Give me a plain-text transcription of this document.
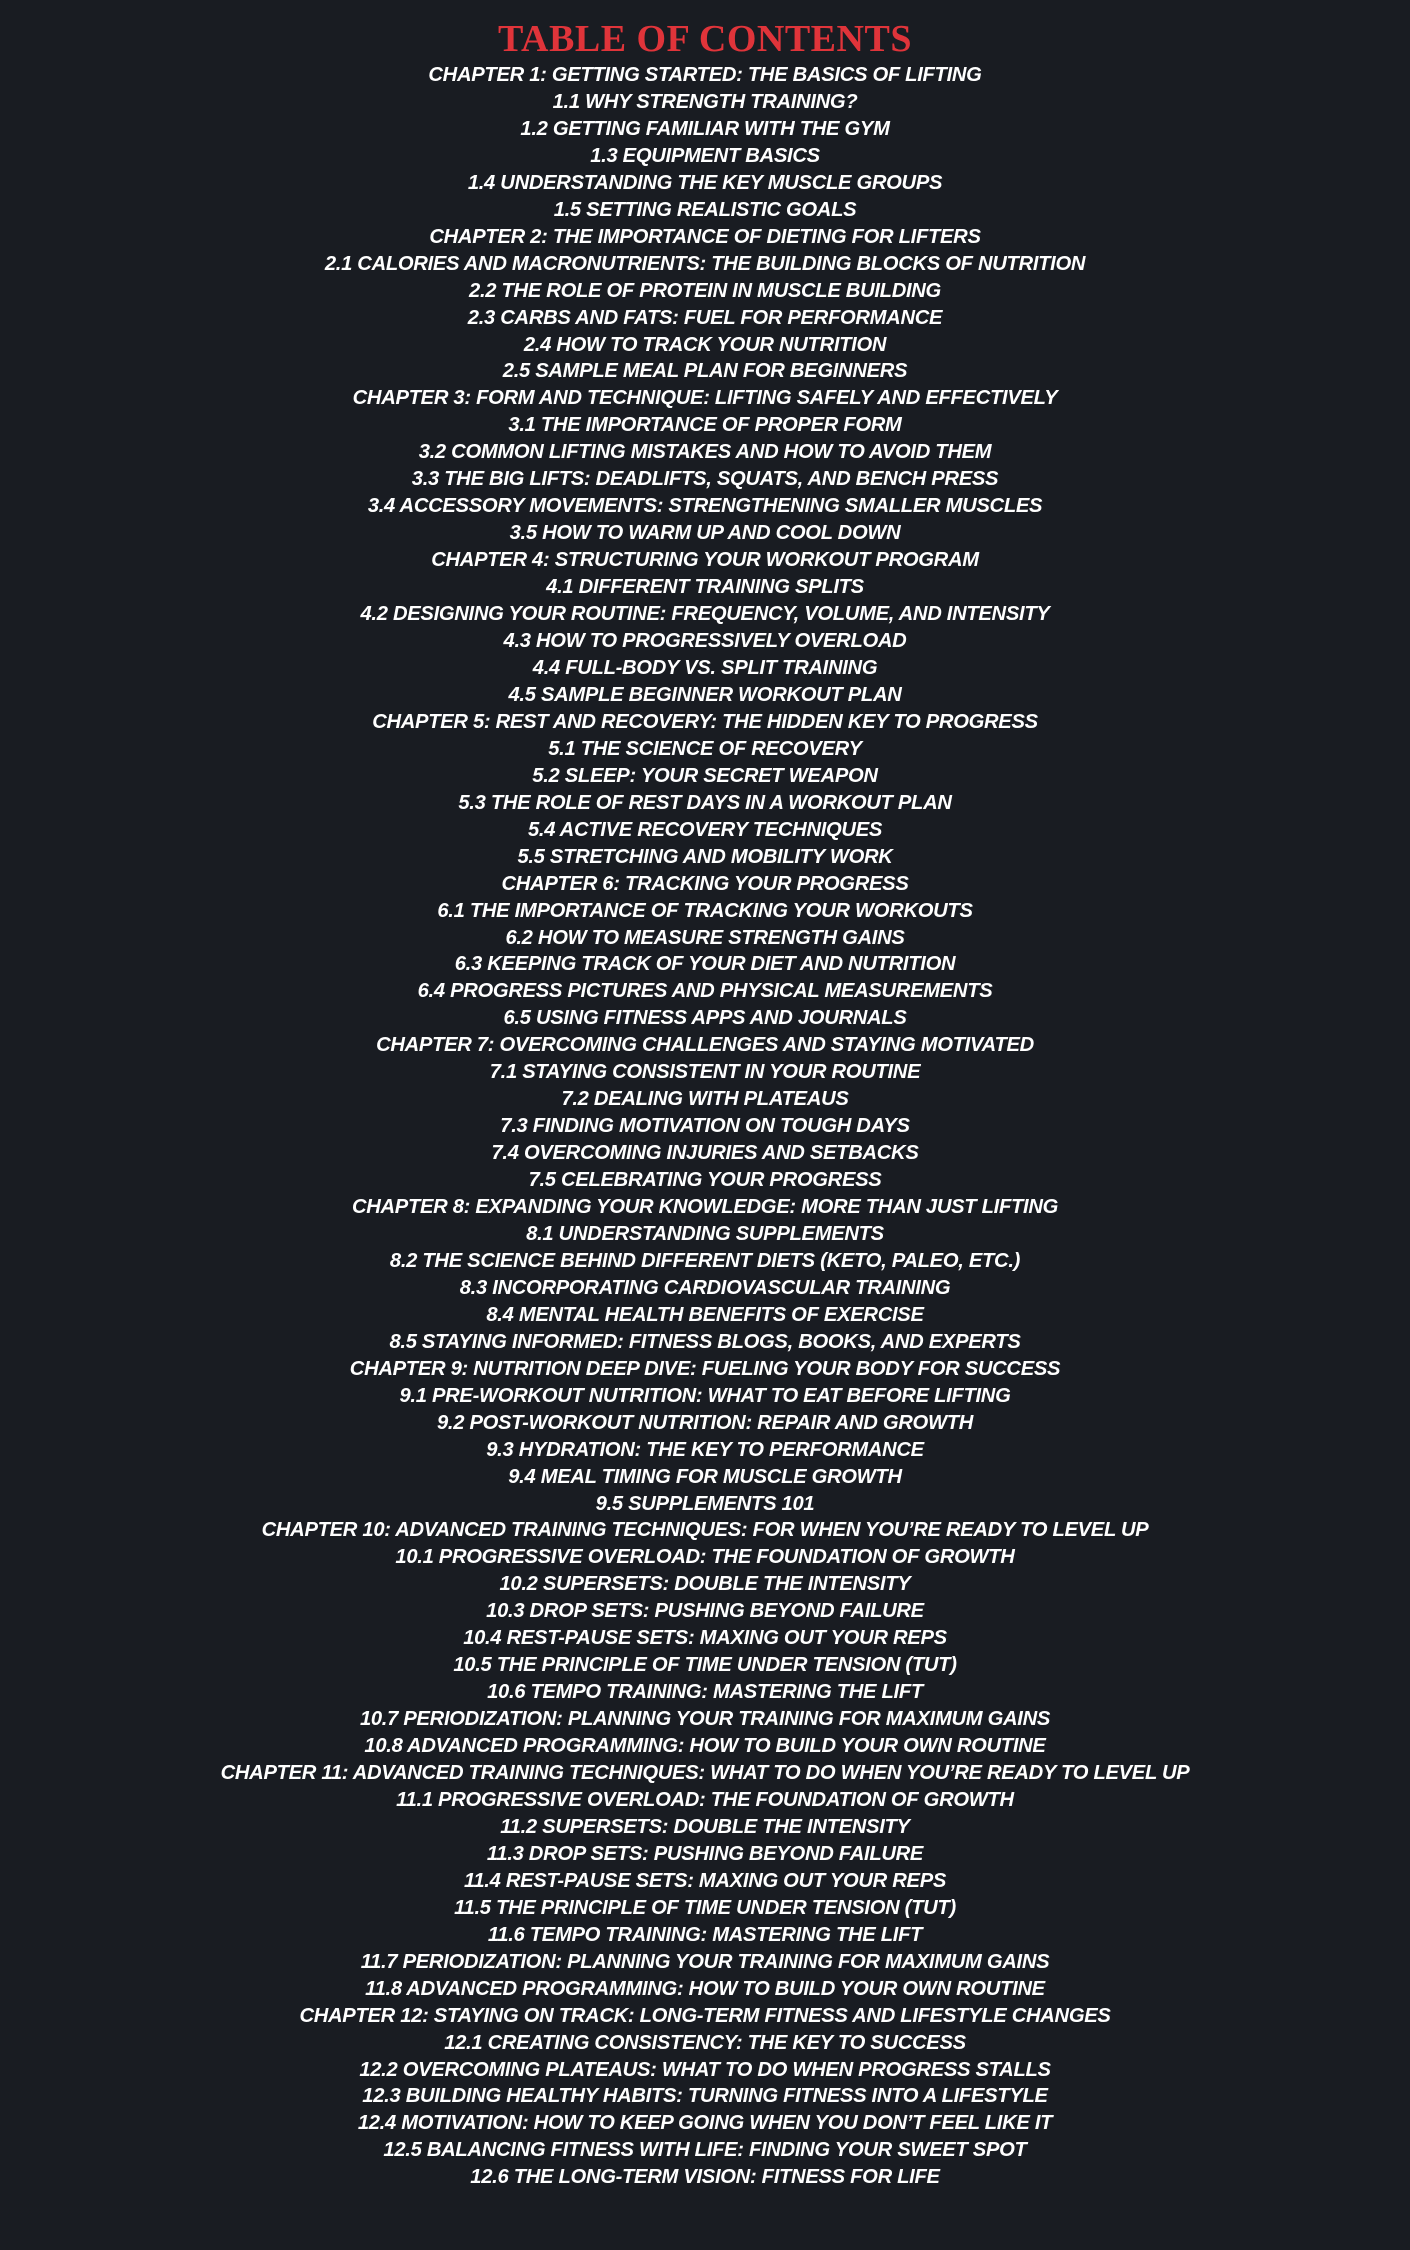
TABLE OF CONTENTS
CHAPTER 1: GETTING STARTED: THE BASICS OF LIFTING
1.1 WHY STRENGTH TRAINING?
1.2 GETTING FAMILIAR WITH THE GYM
1.3 EQUIPMENT BASICS
1.4 UNDERSTANDING THE KEY MUSCLE GROUPS
1.5 SETTING REALISTIC GOALS
CHAPTER 2: THE IMPORTANCE OF DIETING FOR LIFTERS
2.1 CALORIES AND MACRONUTRIENTS: THE BUILDING BLOCKS OF NUTRITION
2.2 THE ROLE OF PROTEIN IN MUSCLE BUILDING
2.3 CARBS AND FATS: FUEL FOR PERFORMANCE
2.4 HOW TO TRACK YOUR NUTRITION
2.5 SAMPLE MEAL PLAN FOR BEGINNERS
CHAPTER 3: FORM AND TECHNIQUE: LIFTING SAFELY AND EFFECTIVELY
3.1 THE IMPORTANCE OF PROPER FORM
3.2 COMMON LIFTING MISTAKES AND HOW TO AVOID THEM
3.3 THE BIG LIFTS: DEADLIFTS, SQUATS, AND BENCH PRESS
3.4 ACCESSORY MOVEMENTS: STRENGTHENING SMALLER MUSCLES
3.5 HOW TO WARM UP AND COOL DOWN
CHAPTER 4: STRUCTURING YOUR WORKOUT PROGRAM
4.1 DIFFERENT TRAINING SPLITS
4.2 DESIGNING YOUR ROUTINE: FREQUENCY, VOLUME, AND INTENSITY
4.3 HOW TO PROGRESSIVELY OVERLOAD
4.4 FULL-BODY VS. SPLIT TRAINING
4.5 SAMPLE BEGINNER WORKOUT PLAN
CHAPTER 5: REST AND RECOVERY: THE HIDDEN KEY TO PROGRESS
5.1 THE SCIENCE OF RECOVERY
5.2 SLEEP: YOUR SECRET WEAPON
5.3 THE ROLE OF REST DAYS IN A WORKOUT PLAN
5.4 ACTIVE RECOVERY TECHNIQUES
5.5 STRETCHING AND MOBILITY WORK
CHAPTER 6: TRACKING YOUR PROGRESS
6.1 THE IMPORTANCE OF TRACKING YOUR WORKOUTS
6.2 HOW TO MEASURE STRENGTH GAINS
6.3 KEEPING TRACK OF YOUR DIET AND NUTRITION
6.4 PROGRESS PICTURES AND PHYSICAL MEASUREMENTS
6.5 USING FITNESS APPS AND JOURNALS
CHAPTER 7: OVERCOMING CHALLENGES AND STAYING MOTIVATED
7.1 STAYING CONSISTENT IN YOUR ROUTINE
7.2 DEALING WITH PLATEAUS
7.3 FINDING MOTIVATION ON TOUGH DAYS
7.4 OVERCOMING INJURIES AND SETBACKS
7.5 CELEBRATING YOUR PROGRESS
CHAPTER 8: EXPANDING YOUR KNOWLEDGE: MORE THAN JUST LIFTING
8.1 UNDERSTANDING SUPPLEMENTS
8.2 THE SCIENCE BEHIND DIFFERENT DIETS (KETO, PALEO, ETC.)
8.3 INCORPORATING CARDIOVASCULAR TRAINING
8.4 MENTAL HEALTH BENEFITS OF EXERCISE
8.5 STAYING INFORMED: FITNESS BLOGS, BOOKS, AND EXPERTS
CHAPTER 9: NUTRITION DEEP DIVE: FUELING YOUR BODY FOR SUCCESS
9.1 PRE-WORKOUT NUTRITION: WHAT TO EAT BEFORE LIFTING
9.2 POST-WORKOUT NUTRITION: REPAIR AND GROWTH
9.3 HYDRATION: THE KEY TO PERFORMANCE
9.4 MEAL TIMING FOR MUSCLE GROWTH
9.5 SUPPLEMENTS 101
CHAPTER 10: ADVANCED TRAINING TECHNIQUES: FOR WHEN YOU’RE READY TO LEVEL UP
10.1 PROGRESSIVE OVERLOAD: THE FOUNDATION OF GROWTH
10.2 SUPERSETS: DOUBLE THE INTENSITY
10.3 DROP SETS: PUSHING BEYOND FAILURE
10.4 REST-PAUSE SETS: MAXING OUT YOUR REPS
10.5 THE PRINCIPLE OF TIME UNDER TENSION (TUT)
10.6 TEMPO TRAINING: MASTERING THE LIFT
10.7 PERIODIZATION: PLANNING YOUR TRAINING FOR MAXIMUM GAINS
10.8 ADVANCED PROGRAMMING: HOW TO BUILD YOUR OWN ROUTINE
CHAPTER 11: ADVANCED TRAINING TECHNIQUES: WHAT TO DO WHEN YOU’RE READY TO LEVEL UP
11.1 PROGRESSIVE OVERLOAD: THE FOUNDATION OF GROWTH
11.2 SUPERSETS: DOUBLE THE INTENSITY
11.3 DROP SETS: PUSHING BEYOND FAILURE
11.4 REST-PAUSE SETS: MAXING OUT YOUR REPS
11.5 THE PRINCIPLE OF TIME UNDER TENSION (TUT)
11.6 TEMPO TRAINING: MASTERING THE LIFT
11.7 PERIODIZATION: PLANNING YOUR TRAINING FOR MAXIMUM GAINS
11.8 ADVANCED PROGRAMMING: HOW TO BUILD YOUR OWN ROUTINE
CHAPTER 12: STAYING ON TRACK: LONG-TERM FITNESS AND LIFESTYLE CHANGES
12.1 CREATING CONSISTENCY: THE KEY TO SUCCESS
12.2 OVERCOMING PLATEAUS: WHAT TO DO WHEN PROGRESS STALLS
12.3 BUILDING HEALTHY HABITS: TURNING FITNESS INTO A LIFESTYLE
12.4 MOTIVATION: HOW TO KEEP GOING WHEN YOU DON’T FEEL LIKE IT
12.5 BALANCING FITNESS WITH LIFE: FINDING YOUR SWEET SPOT
12.6 THE LONG-TERM VISION: FITNESS FOR LIFE
